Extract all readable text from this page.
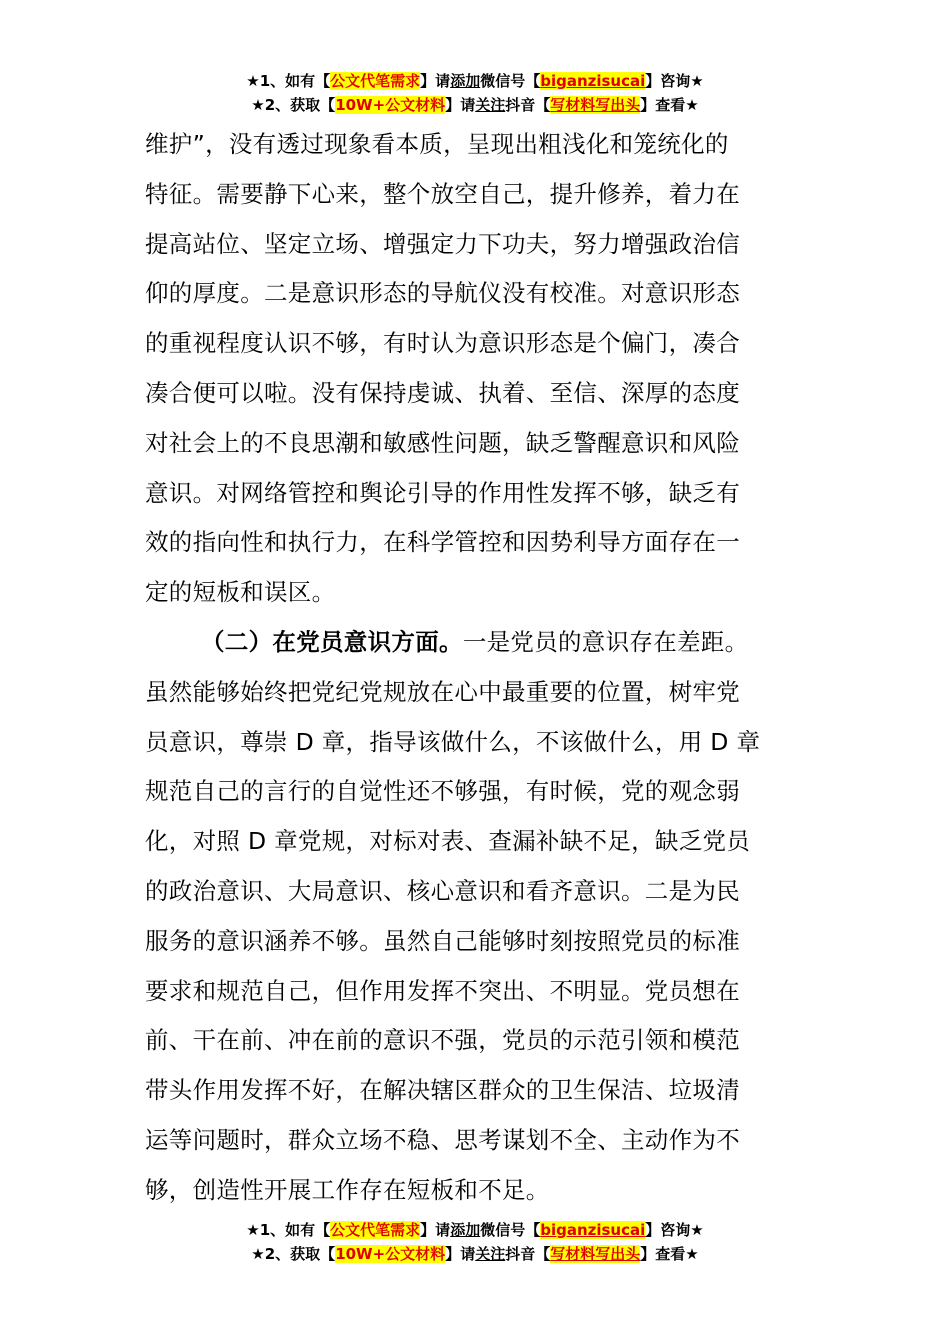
★1、如有【公文代笔需求】请添加微信号【biganzisucai】咨询★
★2、获取【10W+公文材料】请关注抖音【写材料写出头】查看★
维护”，没有透过现象看本质，呈现出粗浅化和笼统化的
特征。需要静下心来，整个放空自己，提升修养，着力在
提高站位、坚定立场、增强定力下功夫，努力增强政治信
仰的厚度。二是意识形态的导航仪没有校准。对意识形态
的重视程度认识不够，有时认为意识形态是个偏门，凑合
凑合便可以啦。没有保持虔诚、执着、至信、深厚的态度
对社会上的不良思潮和敏感性问题，缺乏警醒意识和风险
意识。对网络管控和舆论引导的作用性发挥不够，缺乏有
效的指向性和执行力，在科学管控和因势利导方面存在一
定的短板和误区。
（二）在党员意识方面。一是党员的意识存在差距。
虽然能够始终把党纪党规放在心中最重要的位置，树牢党
员意识，尊崇 D 章，指导该做什么，不该做什么，用 D 章
规范自己的言行的自觉性还不够强，有时候，党的观念弱
化，对照 D 章党规，对标对表、查漏补缺不足，缺乏党员
的政治意识、大局意识、核心意识和看齐意识。二是为民
服务的意识涵养不够。虽然自己能够时刻按照党员的标准
要求和规范自己，但作用发挥不突出、不明显。党员想在
前、干在前、冲在前的意识不强，党员的示范引领和模范
带头作用发挥不好，在解决辖区群众的卫生保洁、垃圾清
运等问题时，群众立场不稳、思考谋划不全、主动作为不
够，创造性开展工作存在短板和不足。
★1、如有【公文代笔需求】请添加微信号【biganzisucai】咨询★
★2、获取【10W+公文材料】请关注抖音【写材料写出头】查看★
